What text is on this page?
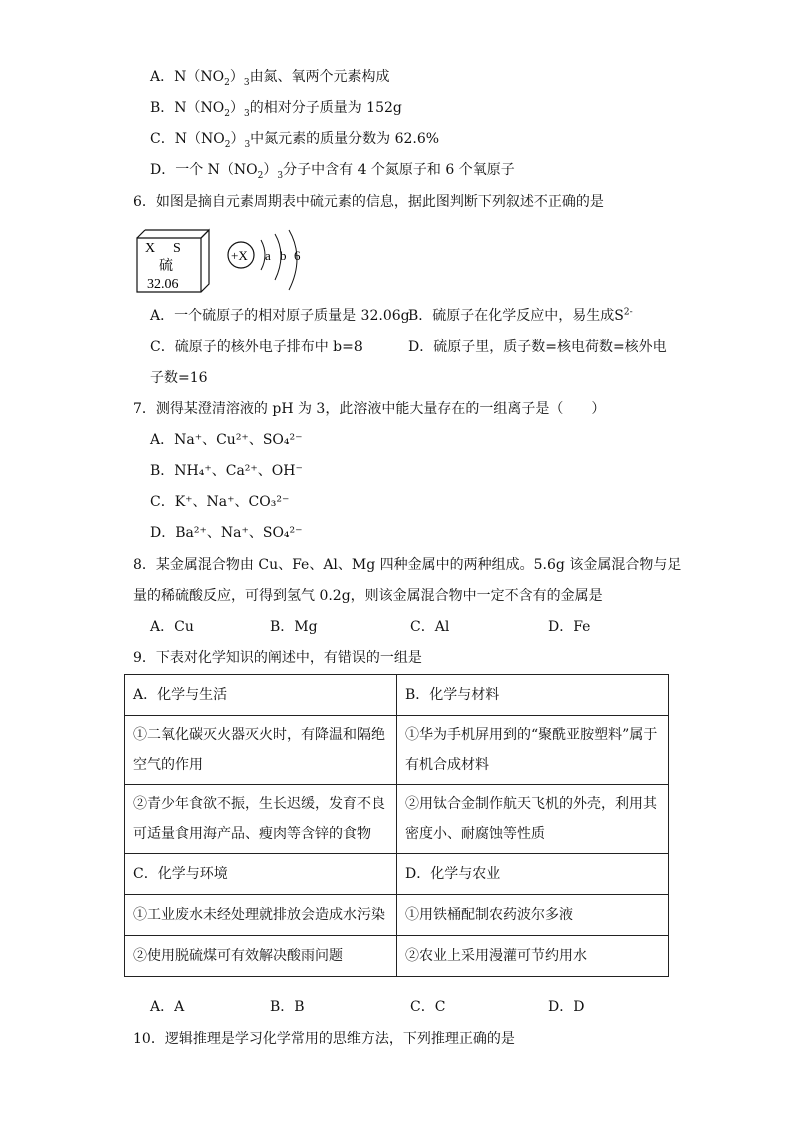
A．$N(NO_2)_3$由氮、氧两个元素构成
B．$N(NO_2)_3$的相对分子质量为 152g
C．$N(NO_2)_3$中氮元素的质量分数为 62.6%
D．一个 $N(NO_2)_3$分子中含有 4 个氮原子和 6 个氧原子
6．如图是摘自元素周期表中硫元素的信息，据此图判断下列叙述不正确的是
X S
硫
32.06
+X a b 6
A．一个硫原子的相对原子质量是 32.06g
B．硫原子在化学反应中，易生成$S^{2-}$
C．硫原子的核外电子排布中 b=8	D．硫原子里，质子数=核电荷数=核外电
子数=16
7．测得某澄清溶液的 pH 为 3，此溶液中能大量存在的一组离子是（　　）
A．Na⁺、Cu²⁺、SO₄²⁻
B．NH₄⁺、Ca²⁺、OH⁻
C．K⁺、Na⁺、CO₃²⁻
D．Ba²⁺、Na⁺、SO₄²⁻
8．某金属混合物由 Cu、Fe、Al、Mg 四种金属中的两种组成。5.6g 该金属混合物与足
量的稀硫酸反应，可得到氢气 0.2g，则该金属混合物中一定不含有的金属是
A．Cu	B．Mg	C．Al	D．Fe
9．下表对化学知识的阐述中，有错误的一组是
A．化学与生活	B．化学与材料
①二氧化碳灭火器灭火时，有降温和隔绝空气的作用	①华为手机屏用到的“聚酰亚胺塑料”属于有机合成材料
②青少年食欲不振，生长迟缓，发育不良可适量食用海产品、瘦肉等含锌的食物	②用钛合金制作航天飞机的外壳，利用其密度小、耐腐蚀等性质
C．化学与环境	D．化学与农业
①工业废水未经处理就排放会造成水污染	①用铁桶配制农药波尔多液
②使用脱硫煤可有效解决酸雨问题	②农业上采用漫灌可节约用水
A．A	B．B	C．C	D．D
10．逻辑推理是学习化学常用的思维方法，下列推理正确的是
